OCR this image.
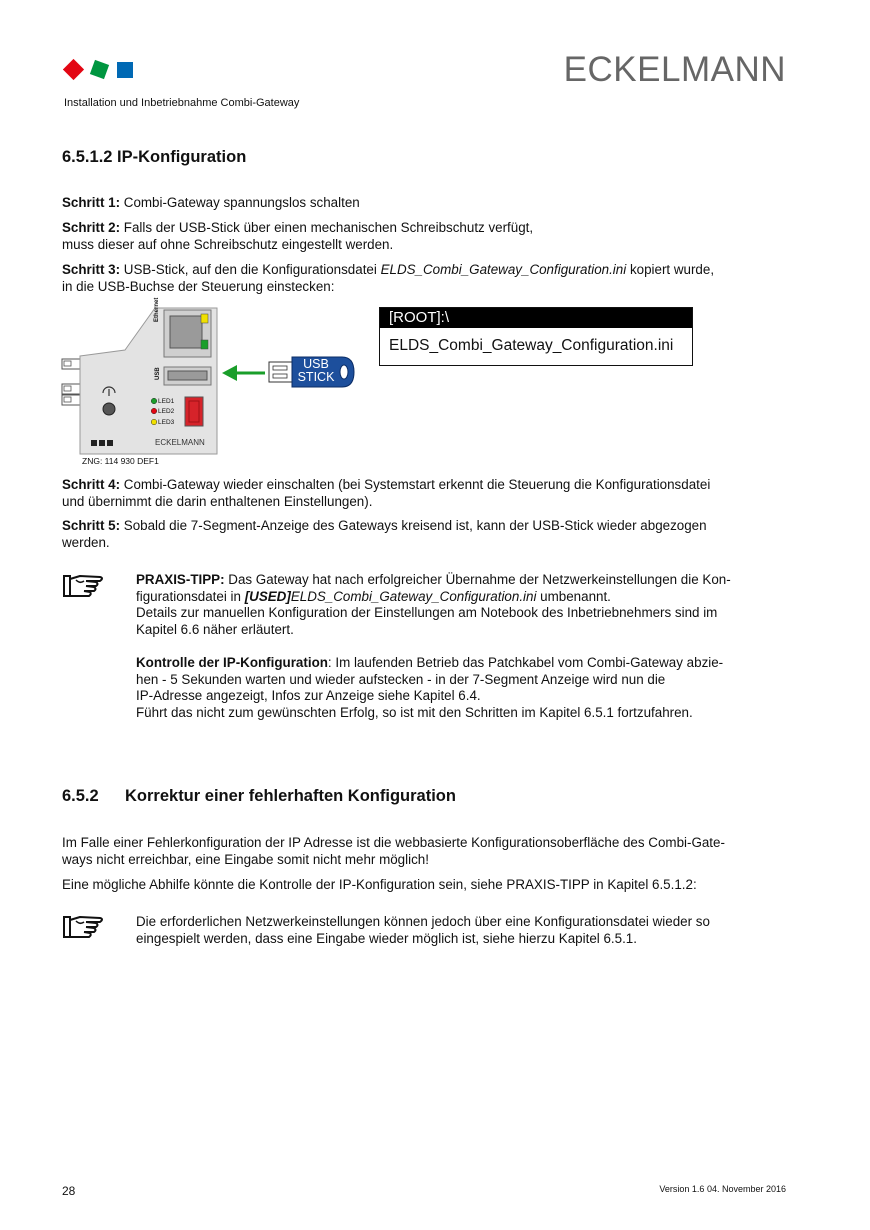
ECKELMANN
Installation und Inbetriebnahme Combi-Gateway
6.5.1.2 IP-Konfiguration
Schritt 1: Combi-Gateway spannungslos schalten
Schritt 2: Falls der USB-Stick über einen mechanischen Schreibschutz verfügt,
muss dieser auf ohne Schreibschutz eingestellt werden.
Schritt 3: USB-Stick, auf den die Konfigurationsdatei ELDS_Combi_Gateway_Configuration.ini kopiert wurde,
in die USB-Buchse der Steuerung einstecken:
Ethernet
USB
LED1
LED2
LED3
ECKELMANN
ZNG: 114 930 DEF1
USB
STICK
[ROOT]:\
ELDS_Combi_Gateway_Configuration.ini
Schritt 4: Combi-Gateway wieder einschalten (bei Systemstart erkennt die Steuerung die Konfigurationsdatei
und übernimmt die darin enthaltenen Einstellungen).
Schritt 5: Sobald die 7-Segment-Anzeige des Gateways kreisend ist, kann der USB-Stick wieder abgezogen
werden.
PRAXIS-TIPP: Das Gateway hat nach erfolgreicher Übernahme der Netzwerkeinstellungen die Kon-
figurationsdatei in [USED]ELDS_Combi_Gateway_Configuration.ini umbenannt.
Details zur manuellen Konfiguration der Einstellungen am Notebook des Inbetriebnehmers sind im
Kapitel 6.6 näher erläutert.
Kontrolle der IP-Konfiguration: Im laufenden Betrieb das Patchkabel vom Combi-Gateway abzie-
hen - 5 Sekunden warten und wieder aufstecken - in der 7-Segment Anzeige wird nun die
IP-Adresse angezeigt, Infos zur Anzeige siehe Kapitel 6.4.
Führt das nicht zum gewünschten Erfolg, so ist mit den Schritten im Kapitel 6.5.1 fortzufahren.
6.5.2 Korrektur einer fehlerhaften Konfiguration
Im Falle einer Fehlerkonfiguration der IP Adresse ist die webbasierte Konfigurationsoberfläche des Combi-Gate-
ways nicht erreichbar, eine Eingabe somit nicht mehr möglich!
Eine mögliche Abhilfe könnte die Kontrolle der IP-Konfiguration sein, siehe PRAXIS-TIPP in Kapitel 6.5.1.2:
Die erforderlichen Netzwerkeinstellungen können jedoch über eine Konfigurationsdatei wieder so
eingespielt werden, dass eine Eingabe wieder möglich ist, siehe hierzu Kapitel 6.5.1.
28	Version 1.6 04. November 2016
